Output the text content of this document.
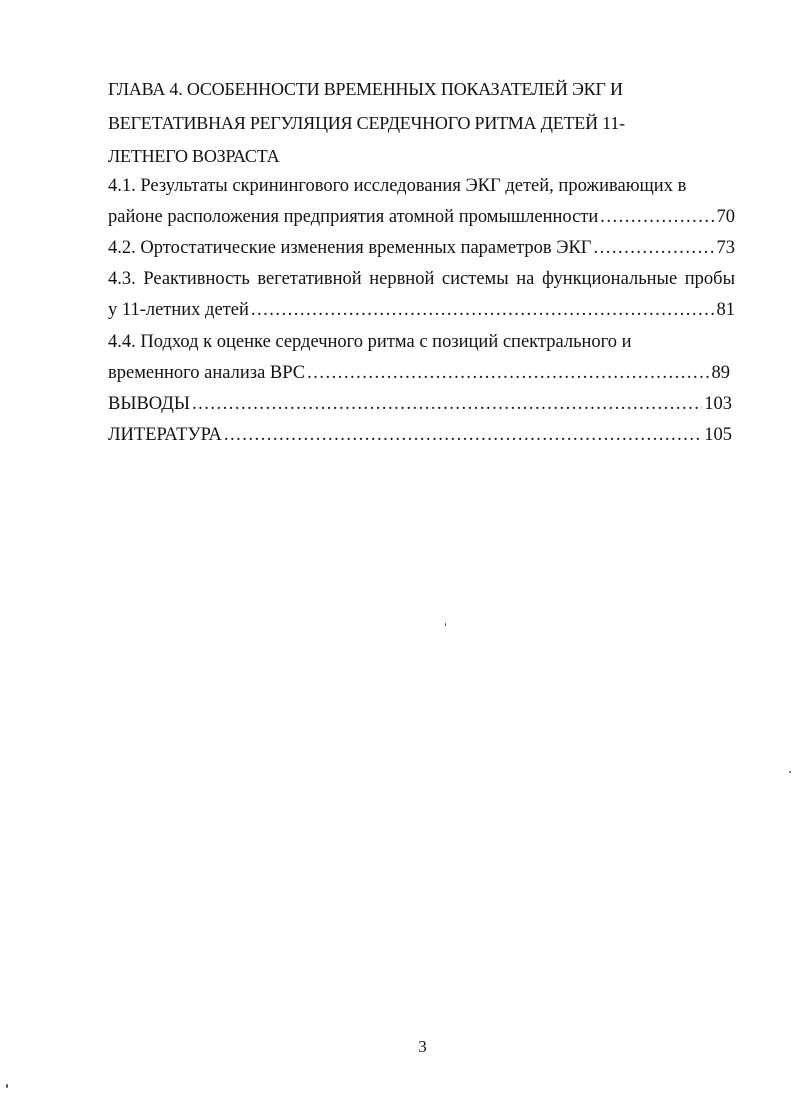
ГЛАВА 4. ОСОБЕННОСТИ ВРЕМЕННЫХ ПОКАЗАТЕЛЕЙ ЭКГ И
ВЕГЕТАТИВНАЯ РЕГУЛЯЦИЯ СЕРДЕЧНОГО РИТМА ДЕТЕЙ 11-
ЛЕТНЕГО ВОЗРАСТА
4.1. Результаты скринингового исследования ЭКГ детей, проживающих в
районе расположения предприятия атомной промышленности .....	70
4.2. Ортостатические изменения временных параметров ЭКГ .....	73
4.3. Реактивность вегетативной нервной системы на функциональные пробы
у 11-летних детей .....	81
4.4. Подход к оценке сердечного ритма с позиций спектрального и
временного анализа ВРС .....	89
ВЫВОДЫ .....	103
ЛИТЕРАТУРА .....	105
3
